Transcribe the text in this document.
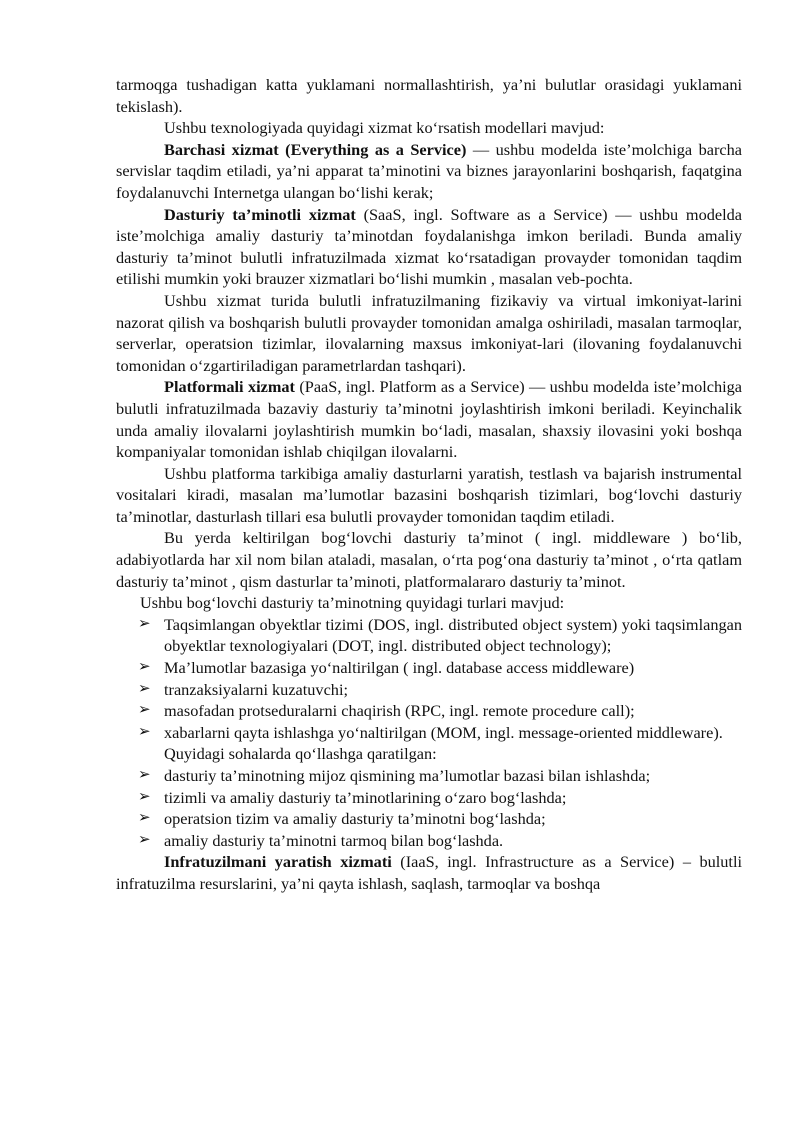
tarmoqga tushadigan katta yuklamani normallashtirish, ya’ni bulutlar orasidagi yuklamani tekislash).

Ushbu texnologiyada quyidagi xizmat ko‘rsatish modellari mavjud:

Barchasi xizmat (Everything as a Service) — ushbu modelda iste’molchiga barcha servislar taqdim etiladi, ya’ni apparat ta’minotini va biznes jarayonlarini boshqarish, faqatgina foydalanuvchi Internetga ulangan bo‘lishi kerak;

Dasturiy ta’minotli xizmat (SaaS, ingl. Software as a Service) — ushbu modelda iste’molchiga amaliy dasturiy ta’minotdan foydalanishga imkon beriladi. Bunda amaliy dasturiy ta’minot bulutli infratuzilmada xizmat ko‘rsatadigan provayder tomonidan taqdim etilishi mumkin yoki brauzer xizmatlari bo‘lishi mumkin , masalan veb-pochta.

Ushbu xizmat turida bulutli infratuzilmaning fizikaviy va virtual imkoniyat-larini nazorat qilish va boshqarish bulutli provayder tomonidan amalga oshiriladi, masalan tarmoqlar, serverlar, operatsion tizimlar, ilovalarning maxsus imkoniyat-lari (ilovaning foydalanuvchi tomonidan o‘zgartiriladigan parametrlardan tashqari).

Platformali xizmat (PaaS, ingl. Platform as a Service) — ushbu modelda iste’molchiga bulutli infratuzilmada bazaviy dasturiy ta’minotni joylashtirish imkoni beriladi. Keyinchalik unda amaliy ilovalarni joylashtirish mumkin bo‘ladi, masalan, shaxsiy ilovasini yoki boshqa kompaniyalar tomonidan ishlab chiqilgan ilovalarni.

Ushbu platforma tarkibiga amaliy dasturlarni yaratish, testlash va bajarish instrumental vositalari kiradi, masalan ma’lumotlar bazasini boshqarish tizimlari, bog‘lovchi dasturiy ta’minotlar, dasturlash tillari esa bulutli provayder tomonidan taqdim etiladi.

Bu yerda keltirilgan bog‘lovchi dasturiy ta’minot ( ingl. middleware ) bo‘lib, adabiyotlarda har xil nom bilan ataladi, masalan, o‘rta pog‘ona dasturiy ta’minot , o‘rta qatlam dasturiy ta’minot , qism dasturlar ta’minoti, platformalararo dasturiy ta’minot.

Ushbu bog‘lovchi dasturiy ta’minotning quyidagi turlari mavjud:

➢ Taqsimlangan obyektlar tizimi (DOS, ingl. distributed object system) yoki taqsimlangan obyektlar texnologiyalari (DOT, ingl. distributed object technology);
➢ Ma’lumotlar bazasiga yo‘naltirilgan ( ingl. database access middleware)
➢ tranzaksiyalarni kuzatuvchi;
➢ masofadan protseduralarni chaqirish (RPC, ingl. remote procedure call);
➢ xabarlarni qayta ishlashga yo‘naltirilgan (MOM, ingl. message-oriented middleware).

Quyidagi sohalarda qo‘llashga qaratilgan:

➢ dasturiy ta’minotning mijoz qismining ma’lumotlar bazasi bilan ishlashda;
➢ tizimli va amaliy dasturiy ta’minotlarining o‘zaro bog‘lashda;
➢ operatsion tizim va amaliy dasturiy ta’minotni bog‘lashda;
➢ amaliy dasturiy ta’minotni tarmoq bilan bog‘lashda.

Infratuzilmani yaratish xizmati (IaaS, ingl. Infrastructure as a Service) – bulutli infratuzilma resurslarini, ya’ni qayta ishlash, saqlash, tarmoqlar va boshqa
